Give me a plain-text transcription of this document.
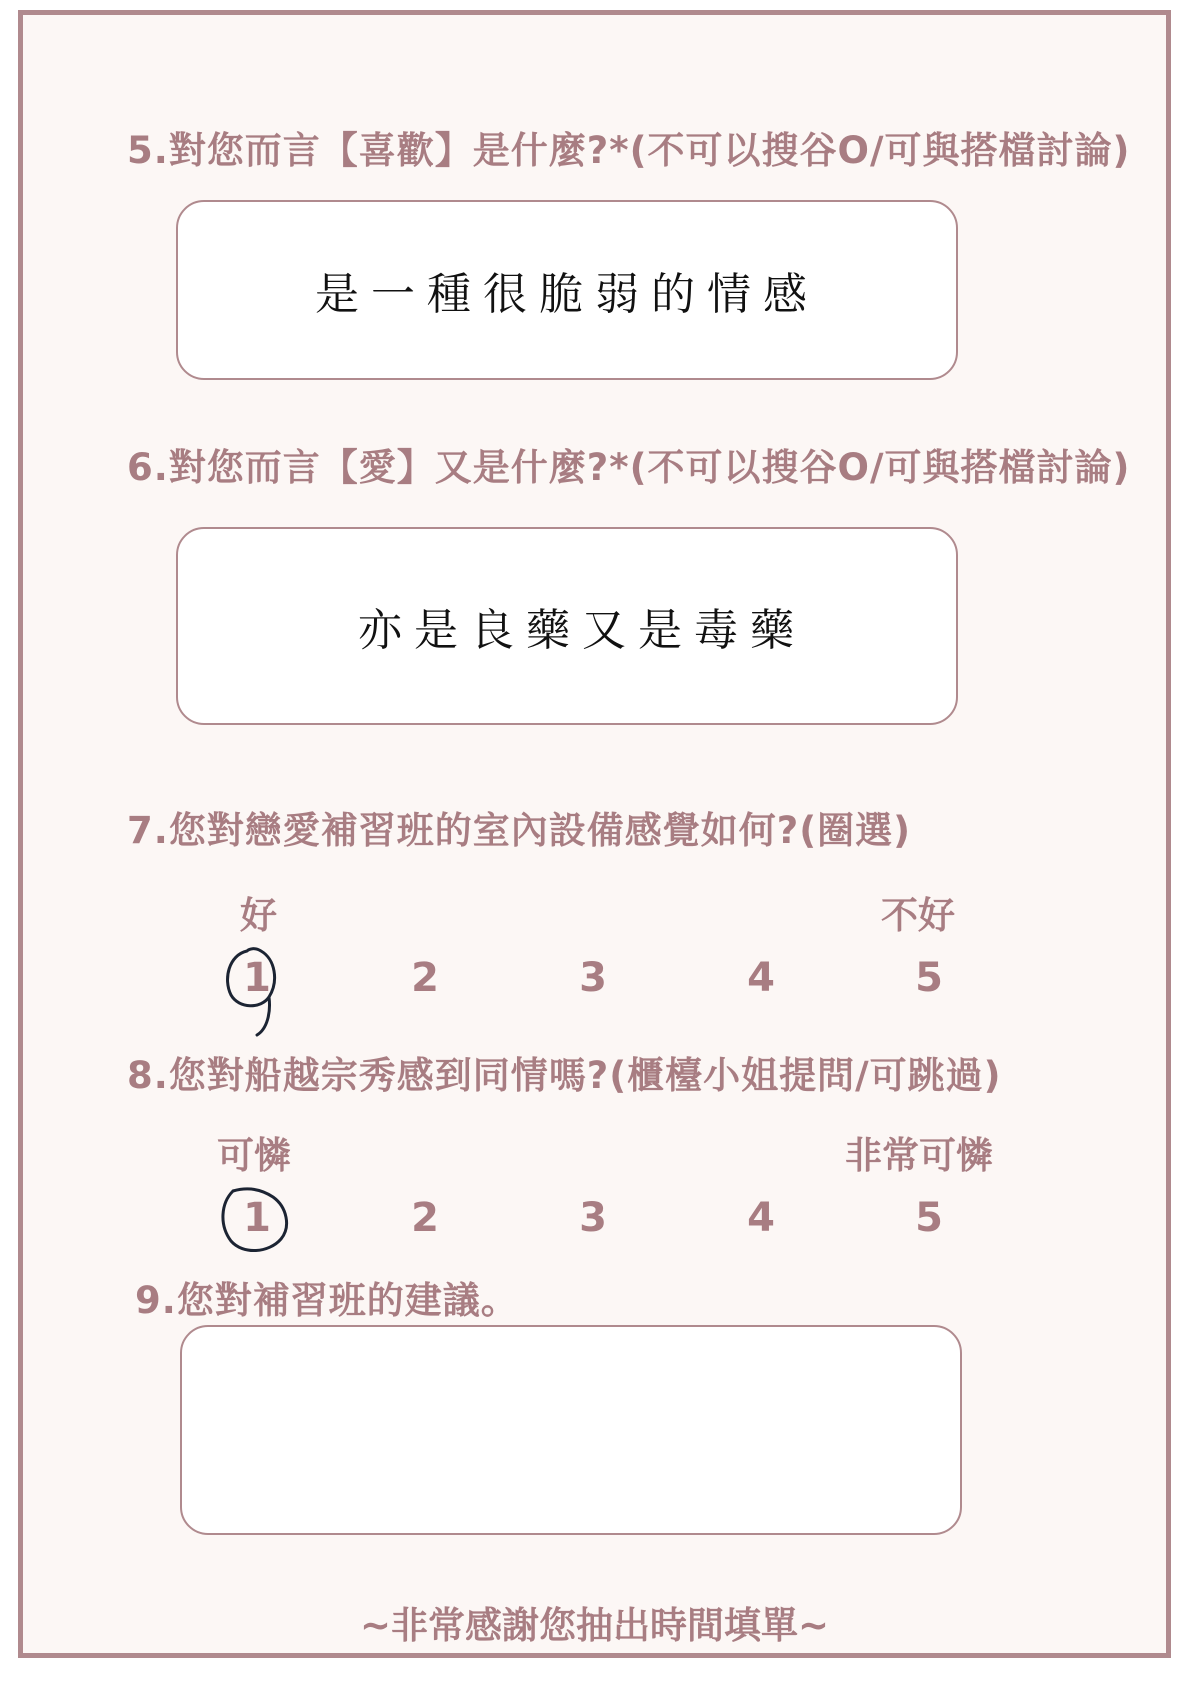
5.對您而言【喜歡】是什麼?*(不可以搜谷O/可與搭檔討論)

是一種很脆弱的情感

6.對您而言【愛】又是什麼?*(不可以搜谷O/可與搭檔討論)

亦是良藥又是毒藥

7.您對戀愛補習班的室內設備感覺如何?(圈選)

好	不好
1	2	3	4	5

8.您對船越宗秀感到同情嗎?(櫃檯小姐提問/可跳過)

可憐	非常可憐
1	2	3	4	5

9.您對補習班的建議。

~非常感謝您抽出時間填單~
